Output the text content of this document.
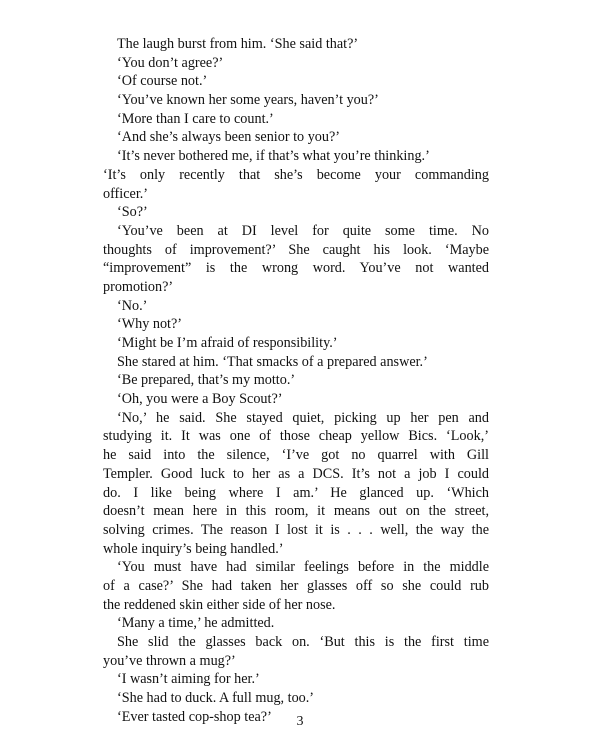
The laugh burst from him. ‘She said that?’
‘You don’t agree?’
‘Of course not.’
‘You’ve known her some years, haven’t you?’
‘More than I care to count.’
‘And she’s always been senior to you?’
‘It’s never bothered me, if that’s what you’re thinking.’
‘It’s only recently that she’s become your commanding
officer.’
‘So?’
‘You’ve been at DI level for quite some time. No
thoughts of improvement?’ She caught his look. ‘Maybe
“improvement” is the wrong word. You’ve not wanted
promotion?’
‘No.’
‘Why not?’
‘Might be I’m afraid of responsibility.’
She stared at him. ‘That smacks of a prepared answer.’
‘Be prepared, that’s my motto.’
‘Oh, you were a Boy Scout?’
‘No,’ he said. She stayed quiet, picking up her pen and
studying it. It was one of those cheap yellow Bics. ‘Look,’
he said into the silence, ‘I’ve got no quarrel with Gill
Templer. Good luck to her as a DCS. It’s not a job I could
do. I like being where I am.’ He glanced up. ‘Which
doesn’t mean here in this room, it means out on the street,
solving crimes. The reason I lost it is . . . well, the way the
whole inquiry’s being handled.’
‘You must have had similar feelings before in the middle
of a case?’ She had taken her glasses off so she could rub
the reddened skin either side of her nose.
‘Many a time,’ he admitted.
She slid the glasses back on. ‘But this is the first time
you’ve thrown a mug?’
‘I wasn’t aiming for her.’
‘She had to duck. A full mug, too.’
‘Ever tasted cop-shop tea?’	3
